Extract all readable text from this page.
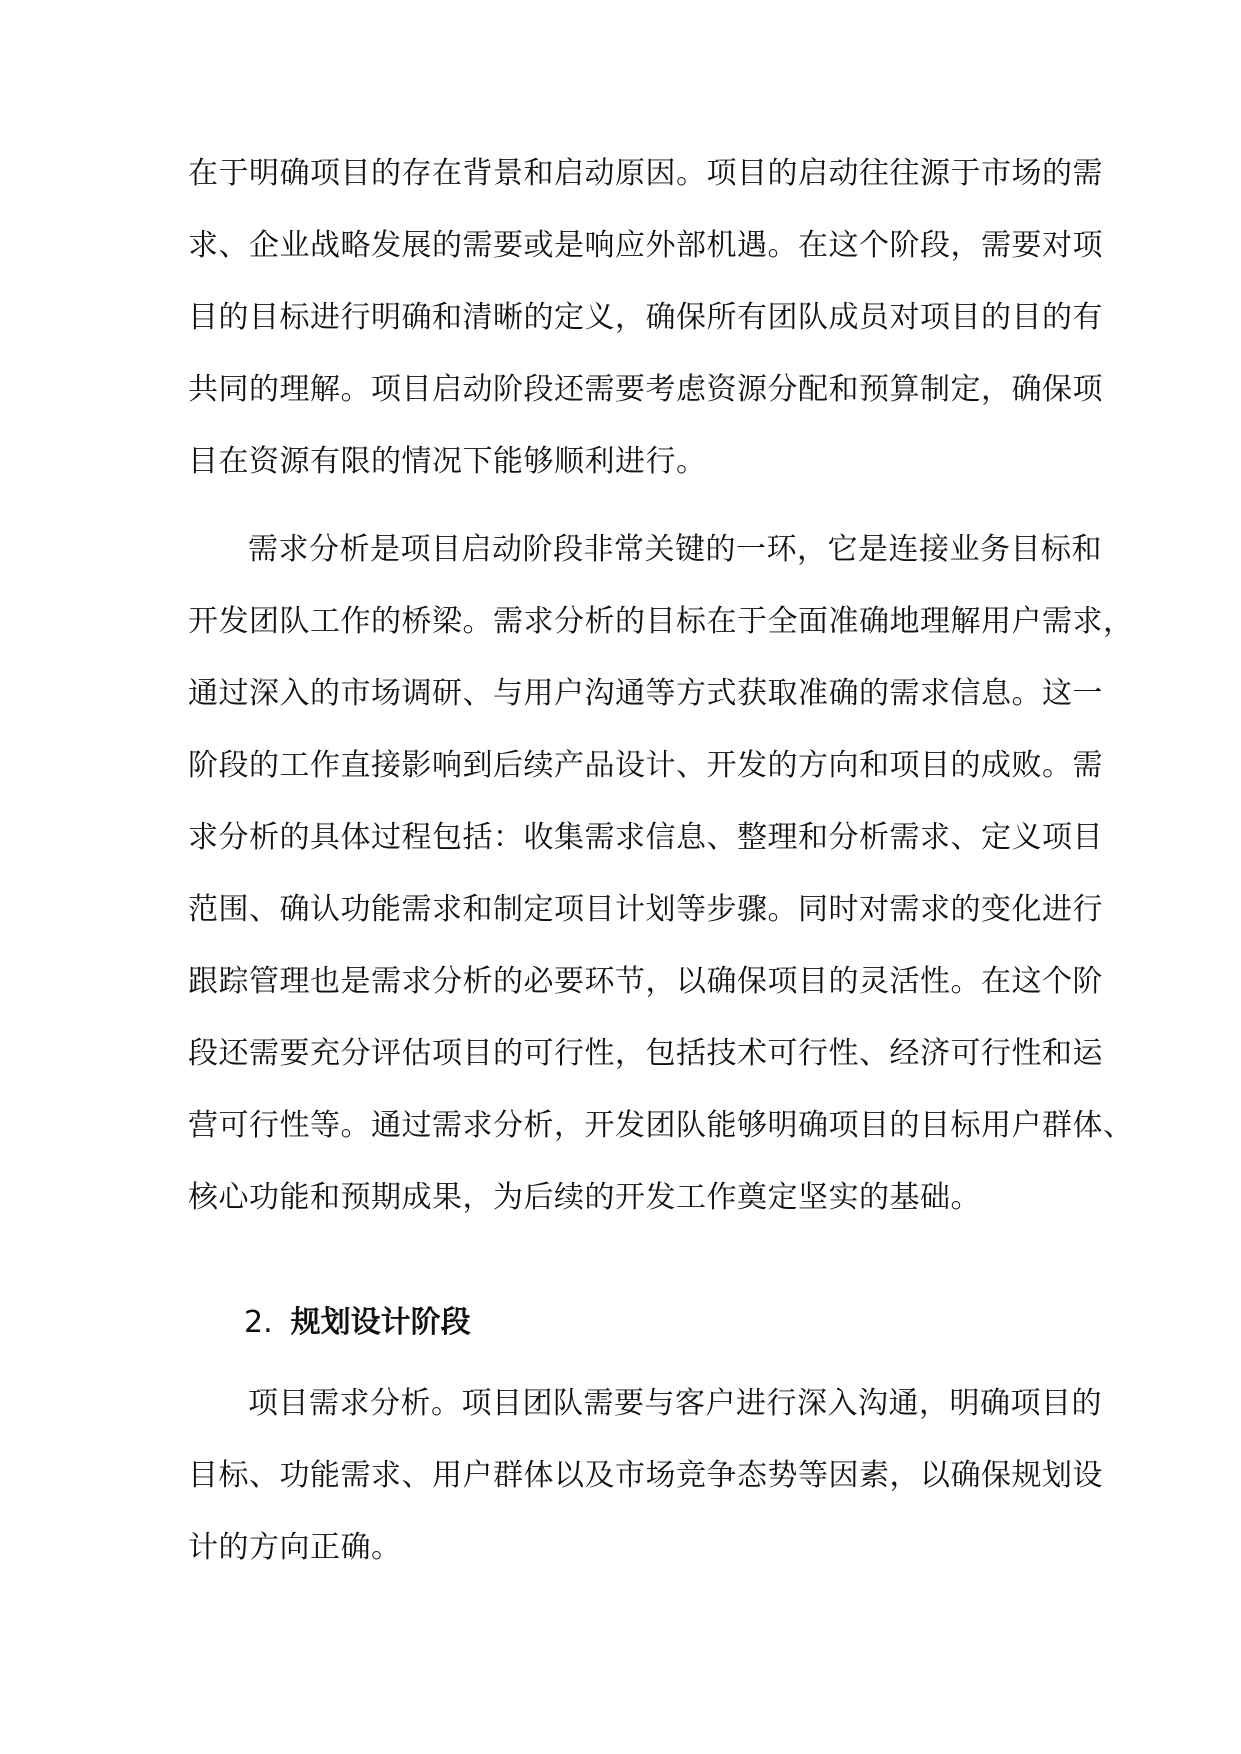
在于明确项目的存在背景和启动原因。项目的启动往往源于市场的需
求、企业战略发展的需要或是响应外部机遇。在这个阶段，需要对项
目的目标进行明确和清晰的定义，确保所有团队成员对项目的目的有
共同的理解。项目启动阶段还需要考虑资源分配和预算制定，确保项
目在资源有限的情况下能够顺利进行。
需求分析是项目启动阶段非常关键的一环，它是连接业务目标和
开发团队工作的桥梁。需求分析的目标在于全面准确地理解用户需求，
通过深入的市场调研、与用户沟通等方式获取准确的需求信息。这一
阶段的工作直接影响到后续产品设计、开发的方向和项目的成败。需
求分析的具体过程包括：收集需求信息、整理和分析需求、定义项目
范围、确认功能需求和制定项目计划等步骤。同时对需求的变化进行
跟踪管理也是需求分析的必要环节，以确保项目的灵活性。在这个阶
段还需要充分评估项目的可行性，包括技术可行性、经济可行性和运
营可行性等。通过需求分析，开发团队能够明确项目的目标用户群体、
核心功能和预期成果，为后续的开发工作奠定坚实的基础。
2. 规划设计阶段
项目需求分析。项目团队需要与客户进行深入沟通，明确项目的
目标、功能需求、用户群体以及市场竞争态势等因素，以确保规划设
计的方向正确。
